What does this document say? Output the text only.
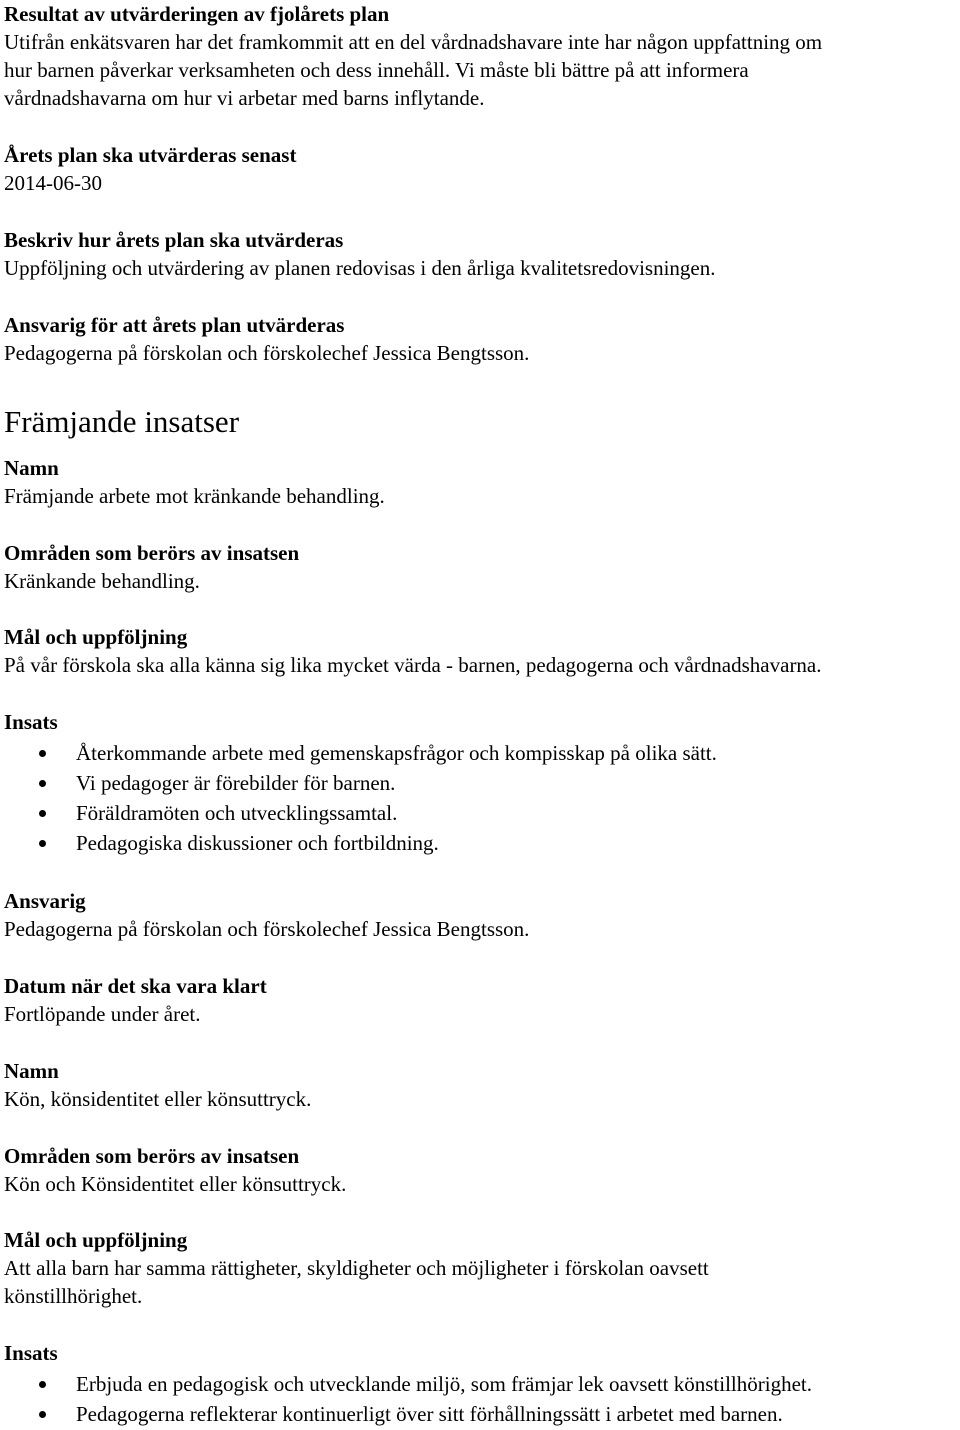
Resultat av utvärderingen av fjolårets plan

Utifrån enkätsvaren har det framkommit att en del vårdnadshavare inte har någon uppfattning om

hur barnen påverkar verksamheten och dess innehåll. Vi måste bli bättre på att informera

vårdnadshavarna om hur vi arbetar med barns inflytande.

Årets plan ska utvärderas senast

2014-06-30

Beskriv hur årets plan ska utvärderas

Uppföljning och utvärdering av planen redovisas i den årliga kvalitetsredovisningen.

Ansvarig för att årets plan utvärderas

Pedagogerna på förskolan och förskolechef Jessica Bengtsson.

Främjande insatser

Namn

Främjande arbete mot kränkande behandling.

Områden som berörs av insatsen

Kränkande behandling.

Mål och uppföljning

På vår förskola ska alla känna sig lika mycket värda - barnen, pedagogerna och vårdnadshavarna.

Insats

Återkommande arbete med gemenskapsfrågor och kompisskap på olika sätt.
Vi pedagoger är förebilder för barnen.
Föräldramöten och utvecklingssamtal.
Pedagogiska diskussioner och fortbildning.

Ansvarig

Pedagogerna på förskolan och förskolechef Jessica Bengtsson.

Datum när det ska vara klart

Fortlöpande under året.

Namn

Kön, könsidentitet eller könsuttryck.

Områden som berörs av insatsen

Kön och Könsidentitet eller könsuttryck.

Mål och uppföljning

Att alla barn har samma rättigheter, skyldigheter och möjligheter i förskolan oavsett

könstillhörighet.

Insats

Erbjuda en pedagogisk och utvecklande miljö, som främjar lek oavsett könstillhörighet.
Pedagogerna reflekterar kontinuerligt över sitt förhållningssätt i arbetet med barnen.
